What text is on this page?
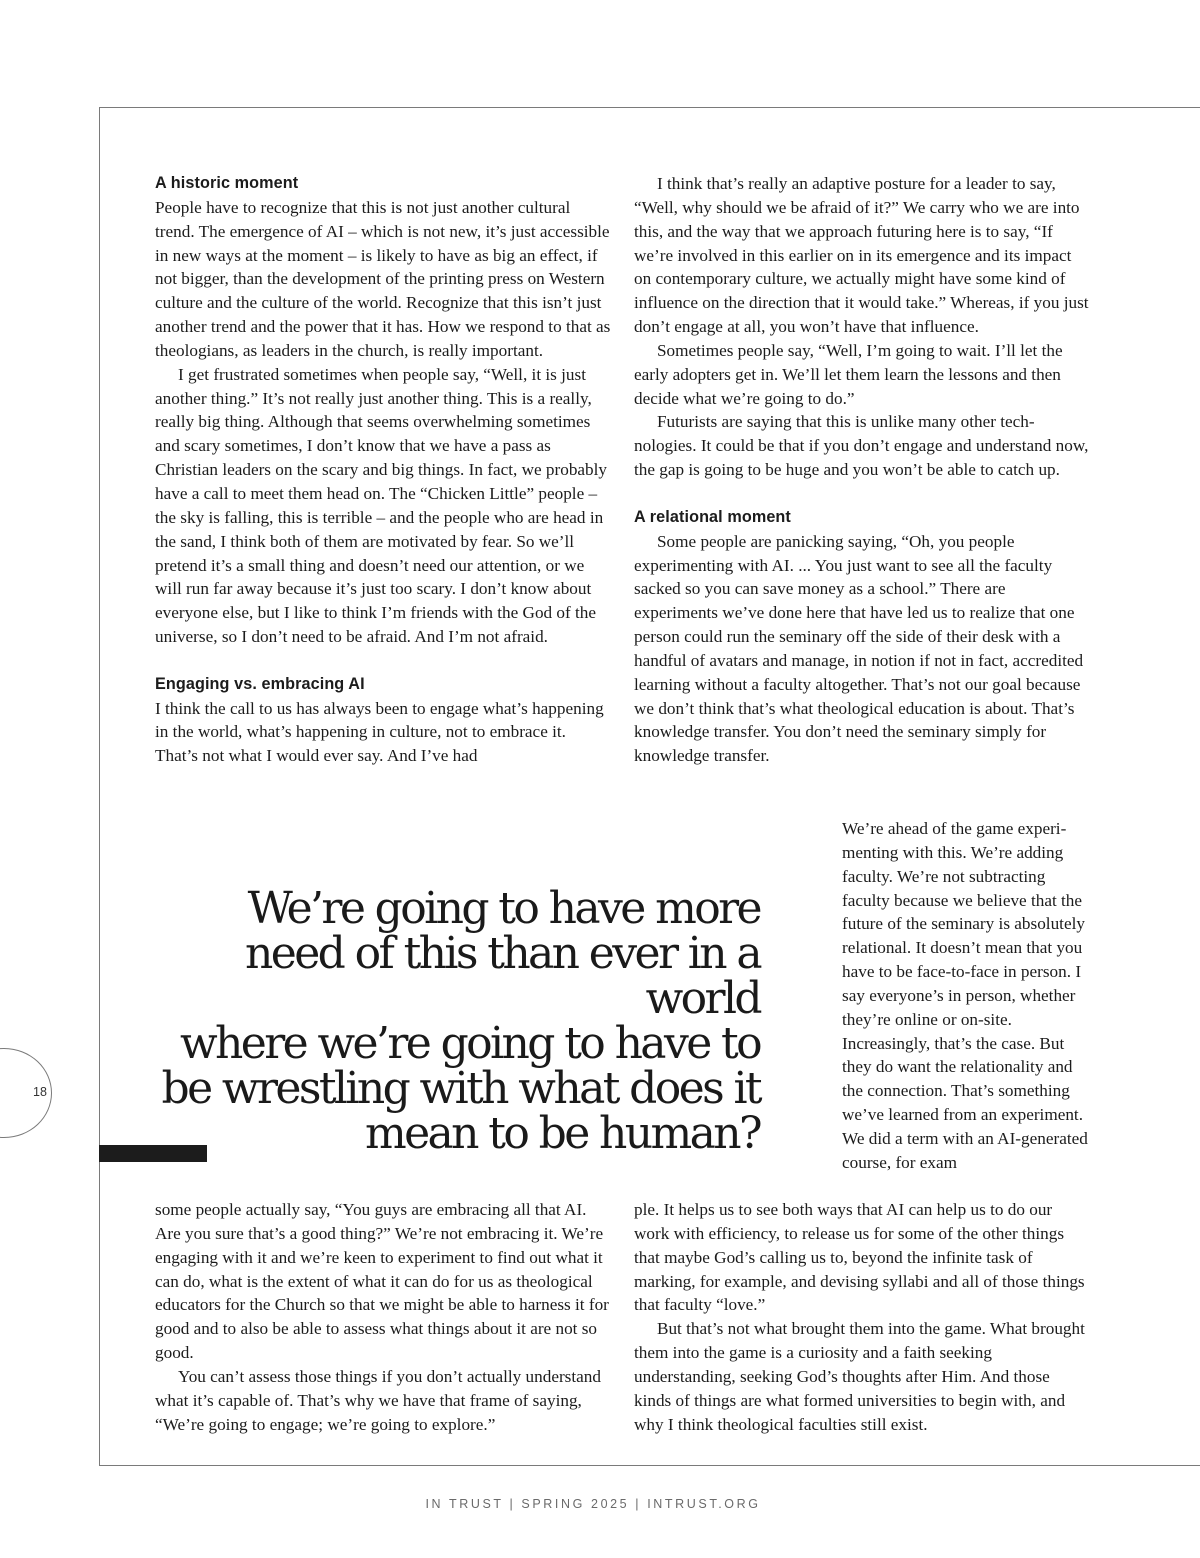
18
A historic moment

People have to recognize that this is not just another cultural trend. The emergence of AI – which is not new, it’s just accessible in new ways at the moment – is likely to have as big an effect, if not bigger, than the development of the printing press on Western culture and the culture of the world. Recognize that this isn’t just another trend and the power that it has. How we respond to that as theologians, as leaders in the church, is really important.

I get frustrated sometimes when people say, “Well, it is just another thing.” It’s not really just another thing. This is a really, really big thing. Although that seems overwhelming sometimes and scary sometimes, I don’t know that we have a pass as Christian leaders on the scary and big things. In fact, we probably have a call to meet them head on. The “Chicken Little” people – the sky is falling, this is terrible – and the people who are head in the sand, I think both of them are motivated by fear. So we’ll pretend it’s a small thing and doesn’t need our attention, or we will run far away because it’s just too scary. I don’t know about everyone else, but I like to think I’m friends with the God of the universe, so I don’t need to be afraid. And I’m not afraid.

Engaging vs. embracing AI

I think the call to us has always been to engage what’s happening in the world, what’s happening in culture, not to embrace it. That’s not what I would ever say. And I’ve had

I think that’s really an adaptive posture for a leader to say, “Well, why should we be afraid of it?” We carry who we are into this, and the way that we approach futuring here is to say, “If we’re involved in this earlier on in its emergence and its impact on contemporary culture, we actually might have some kind of influence on the direction that it would take.” Whereas, if you just don’t engage at all, you won’t have that influence.

Sometimes people say, “Well, I’m going to wait. I’ll let the early adopters get in. We’ll let them learn the lessons and then decide what we’re going to do.”

Futurists are saying that this is unlike many other technologies. It could be that if you don’t engage and understand now, the gap is going to be huge and you won’t be able to catch up.

A relational moment

Some people are panicking saying, “Oh, you people experimenting with AI. ... You just want to see all the faculty sacked so you can save money as a school.” There are experiments we’ve done here that have led us to realize that one person could run the seminary off the side of their desk with a handful of avatars and manage, in notion if not in fact, accredited learning without a faculty altogether. That’s not our goal because we don’t think that’s what theological education is about. That’s knowledge transfer. You don’t need the seminary simply for knowledge transfer.

We’re going to have more
need of this than ever in a world
where we’re going to have to
be wrestling with what does it
mean to be human?

We’re ahead of the game experimenting with this. We’re adding faculty. We’re not subtracting faculty because we believe that the future of the seminary is absolutely relational. It doesn’t mean that you have to be face-to-face in person. I say everyone’s in person, whether they’re online or on-site. Increasingly, that’s the case. But they do want the relationality and the connection. That’s something we’ve learned from an experiment. We did a term with an AI-generated course, for exam

some people actually say, “You guys are embracing all that AI. Are you sure that’s a good thing?” We’re not embracing it. We’re engaging with it and we’re keen to experiment to find out what it can do, what is the extent of what it can do for us as theological educators for the Church so that we might be able to harness it for good and to also be able to assess what things about it are not so good.

You can’t assess those things if you don’t actually understand what it’s capable of. That’s why we have that frame of saying, “We’re going to engage; we’re going to explore.”

ple. It helps us to see both ways that AI can help us to do our work with efficiency, to release us for some of the other things that maybe God’s calling us to, beyond the infinite task of marking, for example, and devising syllabi and all of those things that faculty “love.”

But that’s not what brought them into the game. What brought them into the game is a curiosity and a faith seeking understanding, seeking God’s thoughts after Him. And those kinds of things are what formed universities to begin with, and why I think theological faculties still exist.

IN TRUST | SPRING 2025 | INTRUST.ORG
